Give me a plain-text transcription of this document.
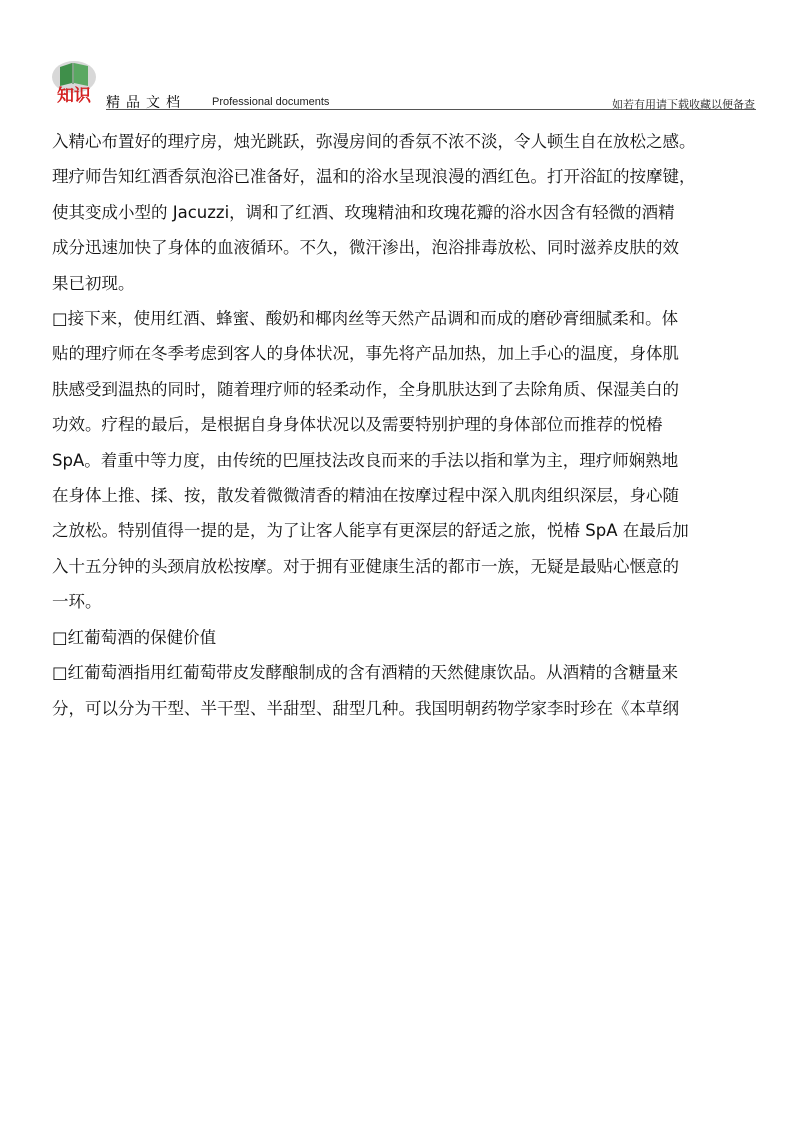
知识 精品文档 Professional documents	如若有用请下载收藏以便备查

入精心布置好的理疗房，烛光跳跃，弥漫房间的香氛不浓不淡，令人顿生自在放松之感。

理疗师告知红酒香氛泡浴已准备好，温和的浴水呈现浪漫的酒红色。打开浴缸的按摩键，

使其变成小型的 Jacuzzi，调和了红酒、玫瑰精油和玫瑰花瓣的浴水因含有轻微的酒精

成分迅速加快了身体的血液循环。不久，微汗渗出，泡浴排毒放松、同时滋养皮肤的效

果已初现。

□接下来，使用红酒、蜂蜜、酸奶和椰肉丝等天然产品调和而成的磨砂膏细腻柔和。体

贴的理疗师在冬季考虑到客人的身体状况，事先将产品加热，加上手心的温度，身体肌

肤感受到温热的同时，随着理疗师的轻柔动作，全身肌肤达到了去除角质、保湿美白的

功效。疗程的最后，是根据自身身体状况以及需要特别护理的身体部位而推荐的悦椿

SpA。着重中等力度，由传统的巴厘技法改良而来的手法以指和掌为主，理疗师娴熟地

在身体上推、揉、按，散发着微微清香的精油在按摩过程中深入肌肉组织深层，身心随

之放松。特别值得一提的是，为了让客人能享有更深层的舒适之旅，悦椿 SpA 在最后加

入十五分钟的头颈肩放松按摩。对于拥有亚健康生活的都市一族，无疑是最贴心惬意的

一环。

□红葡萄酒的保健价值

□红葡萄酒指用红葡萄带皮发酵酿制成的含有酒精的天然健康饮品。从酒精的含糖量来

分，可以分为干型、半干型、半甜型、甜型几种。我国明朝药物学家李时珍在《本草纲
